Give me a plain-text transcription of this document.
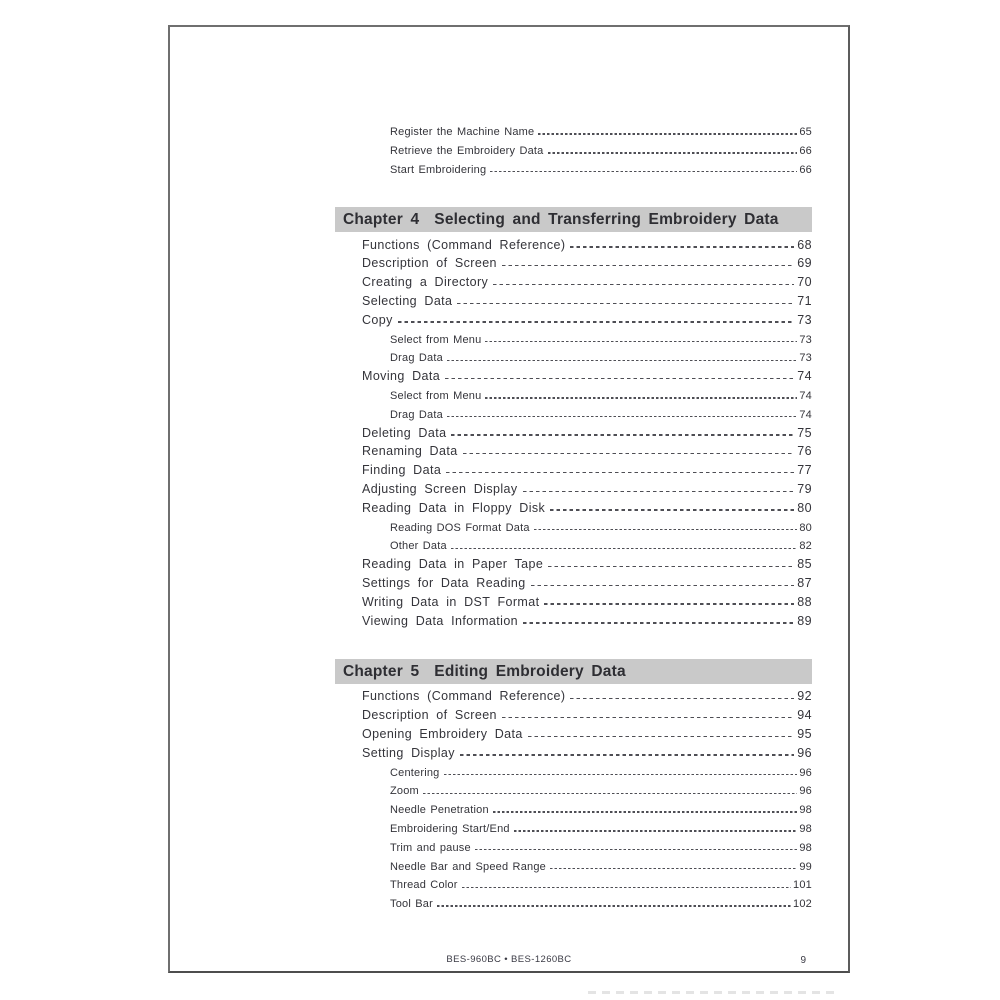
Register the Machine Name	65
Retrieve the Embroidery Data	66
Start Embroidering	66
Chapter 4  Selecting and Transferring Embroidery Data
Functions (Command Reference)	68
Description of Screen	69
Creating a Directory	70
Selecting Data	71
Copy	73
Select from Menu	73
Drag Data	73
Moving Data	74
Select from Menu	74
Drag Data	74
Deleting Data	75
Renaming Data	76
Finding Data	77
Adjusting Screen Display	79
Reading Data in Floppy Disk	80
Reading DOS Format Data	80
Other Data	82
Reading Data in Paper Tape	85
Settings for Data Reading	87
Writing Data in DST Format	88
Viewing Data Information	89
Chapter 5  Editing Embroidery Data
Functions (Command Reference)	92
Description of Screen	94
Opening Embroidery Data	95
Setting Display	96
Centering	96
Zoom	96
Needle Penetration	98
Embroidering Start/End	98
Trim and pause	98
Needle Bar and Speed Range	99
Thread Color	101
Tool Bar	102
BES-960BC • BES-1260BC	9
